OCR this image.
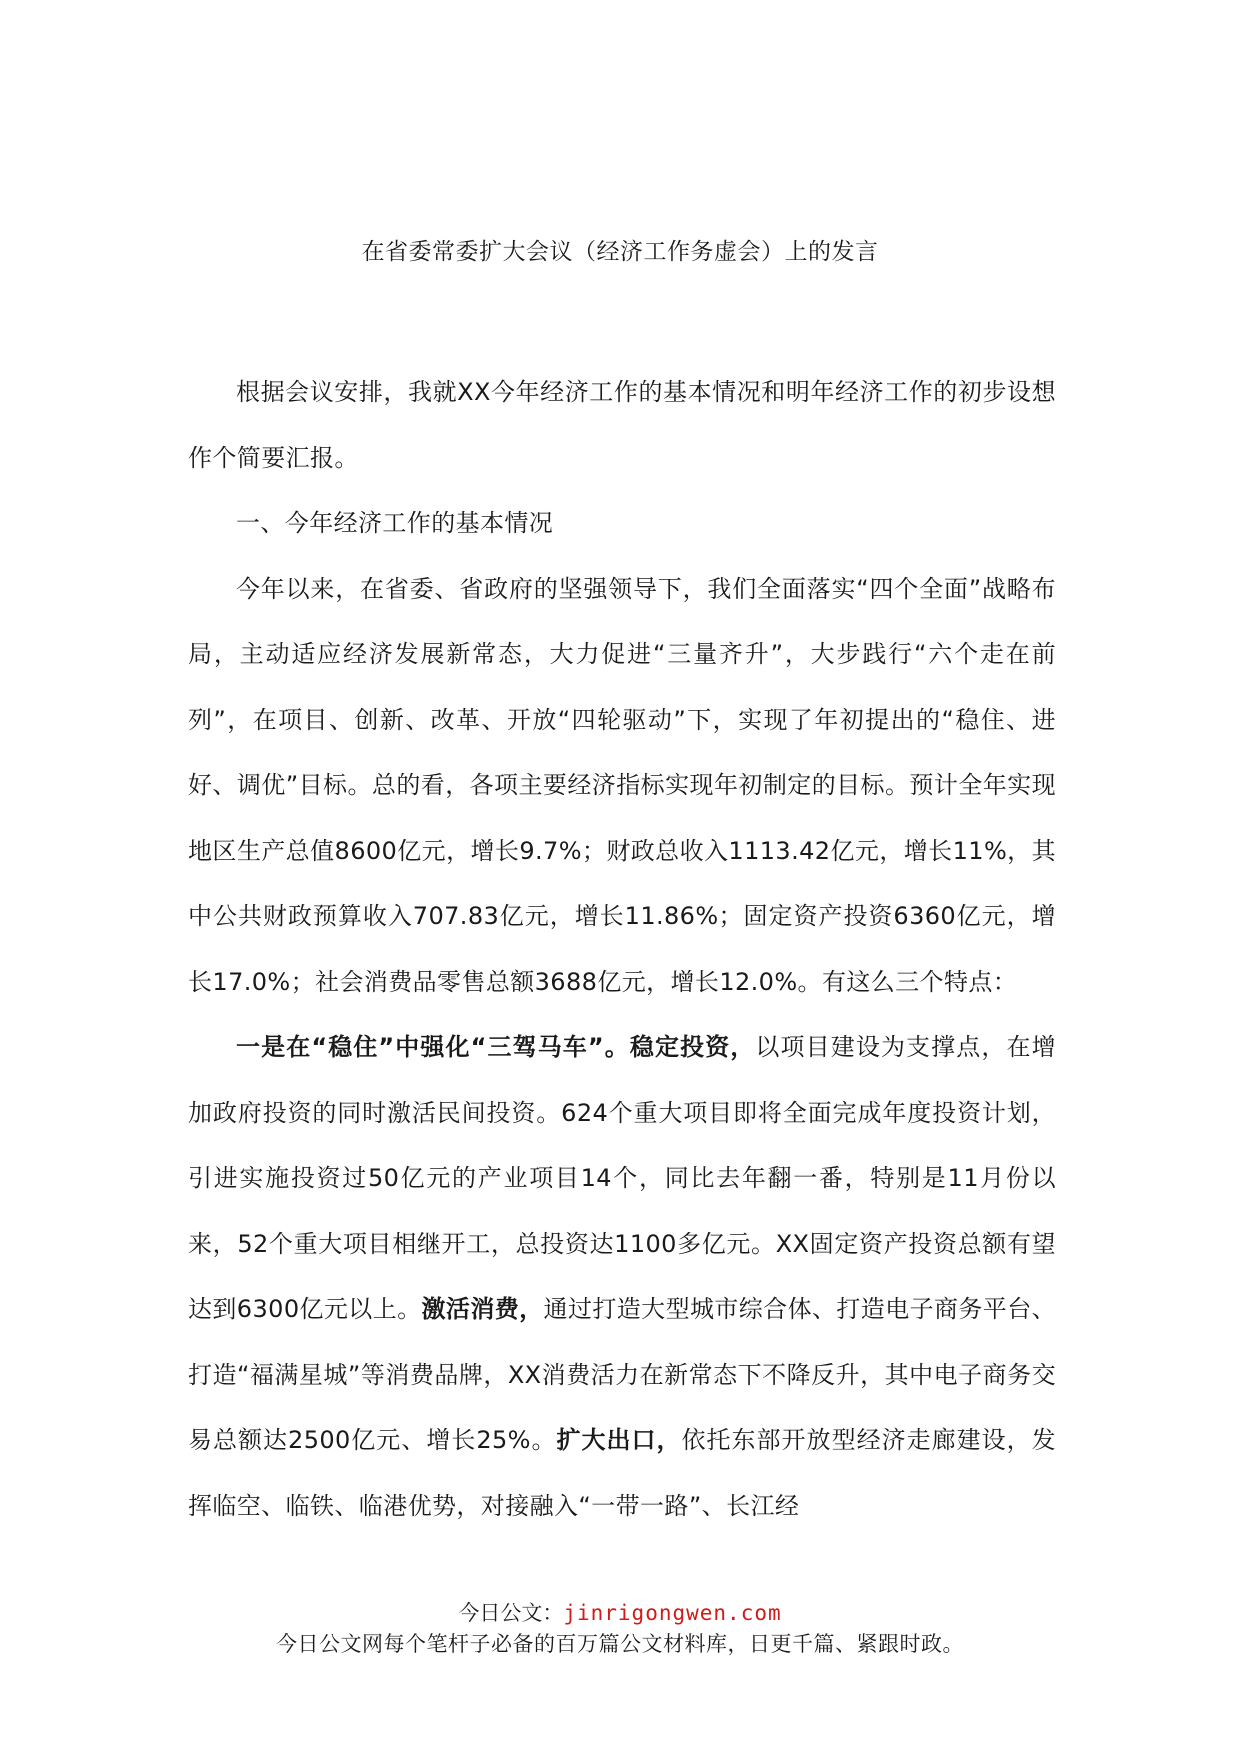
在省委常委扩大会议（经济工作务虚会）上的发言

根据会议安排，我就XX今年经济工作的基本情况和明年经济工作的初步设想作个简要汇报。

一、今年经济工作的基本情况

今年以来，在省委、省政府的坚强领导下，我们全面落实“四个全面”战略布局，主动适应经济发展新常态，大力促进“三量齐升”，大步践行“六个走在前列”，在项目、创新、改革、开放“四轮驱动”下，实现了年初提出的“稳住、进好、调优”目标。总的看，各项主要经济指标实现年初制定的目标。预计全年实现地区生产总值8600亿元，增长9.7%；财政总收入1113.42亿元，增长11%，其中公共财政预算收入707.83亿元，增长11.86%；固定资产投资6360亿元，增长17.0%；社会消费品零售总额3688亿元，增长12.0%。有这么三个特点：

一是在“稳住”中强化“三驾马车”。稳定投资，以项目建设为支撑点，在增加政府投资的同时激活民间投资。624个重大项目即将全面完成年度投资计划，引进实施投资过50亿元的产业项目14个，同比去年翻一番，特别是11月份以来，52个重大项目相继开工，总投资达1100多亿元。XX固定资产投资总额有望达到6300亿元以上。激活消费，通过打造大型城市综合体、打造电子商务平台、打造“福满星城”等消费品牌，XX消费活力在新常态下不降反升，其中电子商务交易总额达2500亿元、增长25%。扩大出口，依托东部开放型经济走廊建设，发挥临空、临铁、临港优势，对接融入“一带一路”、长江经

今日公文：jinrigongwen.com
今日公文网每个笔杆子必备的百万篇公文材料库，日更千篇、紧跟时政。
